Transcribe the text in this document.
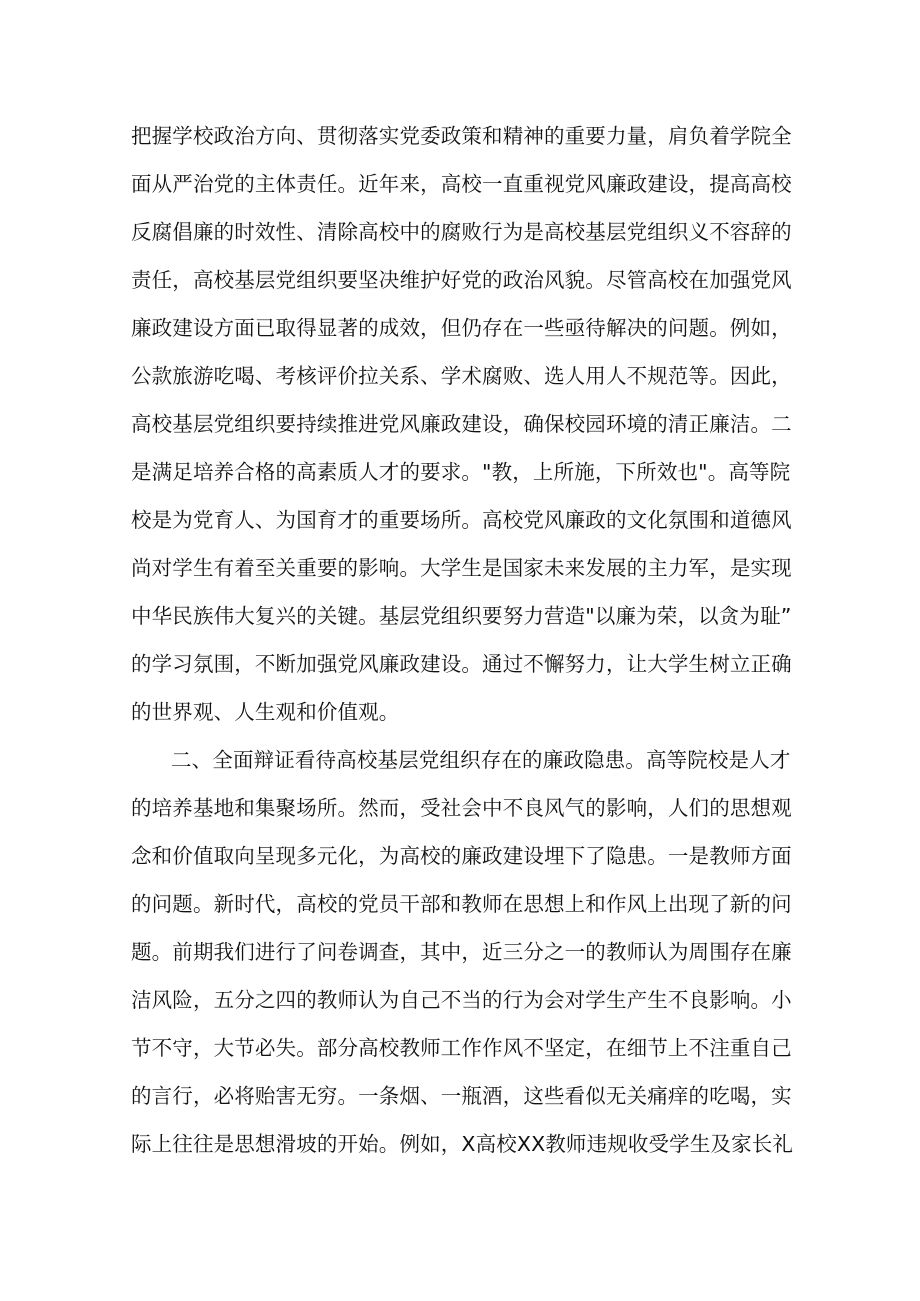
把握学校政治方向、贯彻落实党委政策和精神的重要力量，肩负着学院全
面从严治党的主体责任。近年来，高校一直重视党风廉政建设，提高高校
反腐倡廉的时效性、清除高校中的腐败行为是高校基层党组织义不容辞的
责任，高校基层党组织要坚决维护好党的政治风貌。尽管高校在加强党风
廉政建设方面已取得显著的成效，但仍存在一些亟待解决的问题。例如，
公款旅游吃喝、考核评价拉关系、学术腐败、选人用人不规范等。因此，
高校基层党组织要持续推进党风廉政建设，确保校园环境的清正廉洁。二
是满足培养合格的高素质人才的要求。"教，上所施，下所效也"。高等院
校是为党育人、为国育才的重要场所。高校党风廉政的文化氛围和道德风
尚对学生有着至关重要的影响。大学生是国家未来发展的主力军，是实现
中华民族伟大复兴的关键。基层党组织要努力营造"以廉为荣，以贪为耻”
的学习氛围，不断加强党风廉政建设。通过不懈努力，让大学生树立正确
的世界观、人生观和价值观。
二、全面辩证看待高校基层党组织存在的廉政隐患。高等院校是人才
的培养基地和集聚场所。然而，受社会中不良风气的影响，人们的思想观
念和价值取向呈现多元化，为高校的廉政建设埋下了隐患。一是教师方面
的问题。新时代，高校的党员干部和教师在思想上和作风上出现了新的问
题。前期我们进行了问卷调查，其中，近三分之一的教师认为周围存在廉
洁风险，五分之四的教师认为自己不当的行为会对学生产生不良影响。小
节不守，大节必失。部分高校教师工作作风不坚定，在细节上不注重自己
的言行，必将贻害无穷。一条烟、一瓶酒，这些看似无关痛痒的吃喝，实
际上往往是思想滑坡的开始。例如，X高校XX教师违规收受学生及家长礼
